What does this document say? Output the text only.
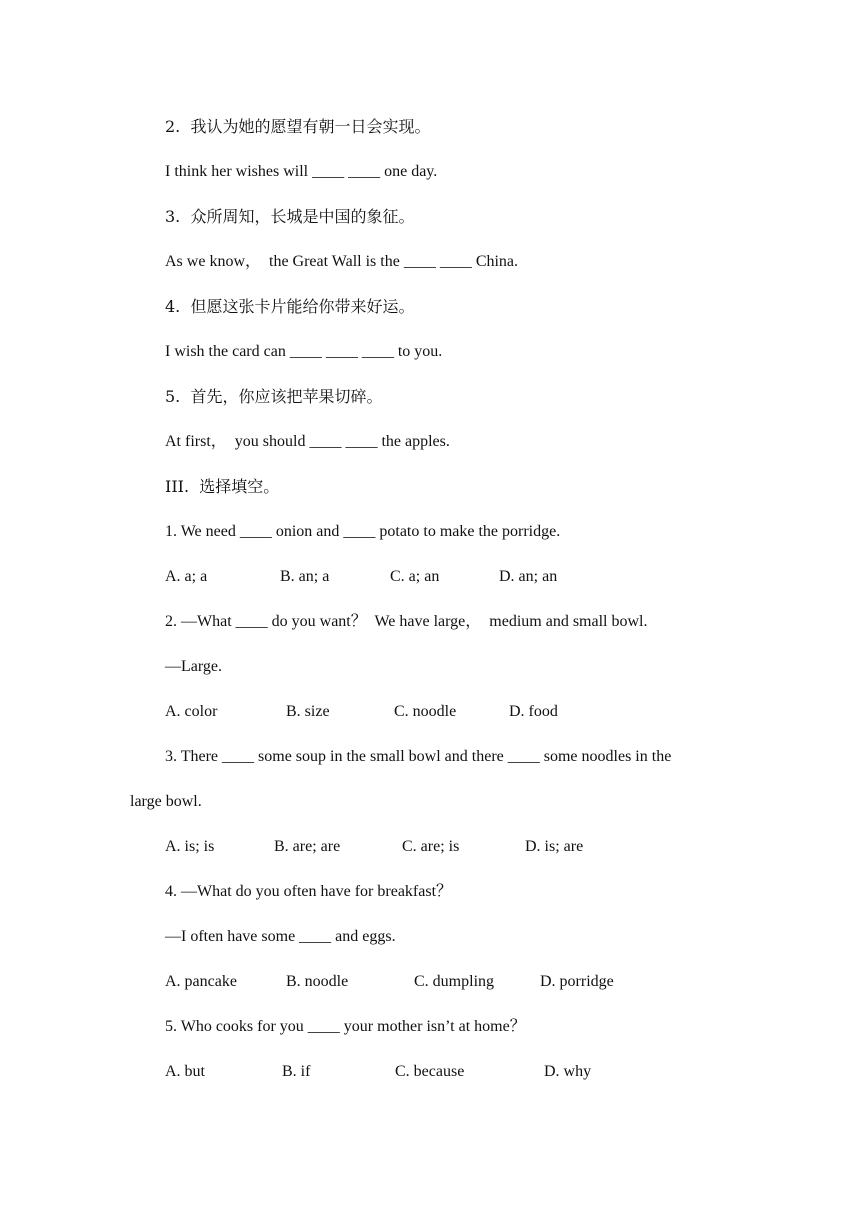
2.  我认为她的愿望有朝一日会实现。
I think her wishes will ____ ____ one day.
3.  众所周知，长城是中国的象征。
As we know，  the Great Wall is the ____ ____ China.
4.  但愿这张卡片能给你带来好运。
I wish the card can ____ ____ ____ to you.
5.  首先，你应该把苹果切碎。
At first，  you should ____ ____ the apples.
III.  选择填空。
1. We need ____ onion and ____ potato to make the porridge.
A. a; a	B. an; a	C. a; an	D. an; an
2. —What ____ do you want？  We have large，  medium and small bowl.
—Large.
A. color	B. size	C. noodle	D. food
3. There ____ some soup in the small bowl and there ____ some noodles in the
large bowl.
A. is; is	B. are; are	C. are; is	D. is; are
4. —What do you often have for breakfast？
—I often have some ____ and eggs.
A. pancake	B. noodle	C. dumpling	D. porridge
5. Who cooks for you ____ your mother isn’t at home？
A. but	B. if	C. because	D. why
